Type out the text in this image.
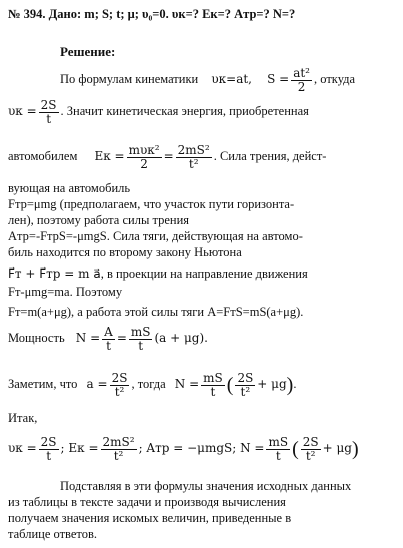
№ 394. Дано: m; S; t; μ; υ₀=0. υк=? Eк=? Aтр=? N=?
Решение:
По формулам кинематики υк=at, $S = \frac{\text{at²}}{2}$ , откуда
$\upsilon к = \frac{2S}{t}$ . Значит кинетическая энергия, приобретенная
автомобилем Eк = $\frac{\text{mυк²}}{2} = \frac{\text{2mS²}}{\text{t²}}$ . Сила трения, дейст-
вующая на автомобиль
Fтр=μmg (предполагаем, что участок пути горизонта-
лен), поэтому работа силы трения
Aтр=-FтрS=-μmgS. Сила тяги, действующая на автомо-
биль находится по второму закону Ньютона
F⃗т + F⃗тр = m a⃗, в проекции на направление движения
Fт-μmg=ma. Поэтому
Fт=m(a+μg), а работа этой силы тяги A=FтS=mS(a+μg).
Мощность $N = \frac{A}{t} = \frac{mS}{t} (a + \mu g)$.
Заметим, что $a = \frac{2S}{\text{t²}}$ , тогда $N = \frac{mS}{t}$ ( $\frac{2S}{\text{t²}} + \mu g$).
Итак,
$\upsilon к = \frac{2S}{t}$ ; Eк = $\frac{\text{2mS²}}{\text{t²}}$ ; Aтр = −μmgS; $N = \frac{mS}{t}$ ( $\frac{2S}{\text{t²}} + \mu g$)
Подставляя в эти формулы значения исходных данных
из таблицы в тексте задачи и производя вычисления
получаем значения искомых величин, приведенные в
таблице ответов.
